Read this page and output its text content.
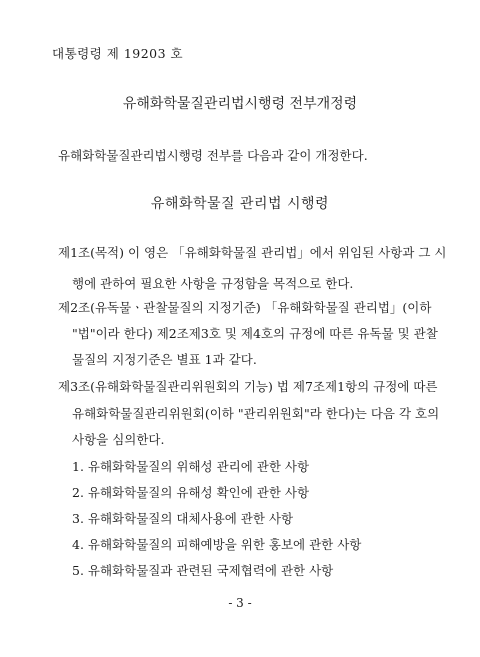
대통령령 제 19203 호
유해화학물질관리법시행령 전부개정령
유해화학물질관리법시행령 전부를 다음과 같이 개정한다.
유해화학물질 관리법 시행령
제1조(목적) 이 영은 「유해화학물질 관리법」에서 위임된 사항과 그 시
행에 관하여 필요한 사항을 규정함을 목적으로 한다.
제2조(유독물ㆍ관찰물질의 지정기준) 「유해화학물질 관리법」(이하
"법"이라 한다) 제2조제3호 및 제4호의 규정에 따른 유독물 및 관찰
물질의 지정기준은 별표 1과 같다.
제3조(유해화학물질관리위원회의 기능) 법 제7조제1항의 규정에 따른
유해화학물질관리위원회(이하 "관리위원회"라 한다)는 다음 각 호의
사항을 심의한다.
1. 유해화학물질의 위해성 관리에 관한 사항
2. 유해화학물질의 유해성 확인에 관한 사항
3. 유해화학물질의 대체사용에 관한 사항
4. 유해화학물질의 피해예방을 위한 홍보에 관한 사항
5. 유해화학물질과 관련된 국제협력에 관한 사항
- 3 -
